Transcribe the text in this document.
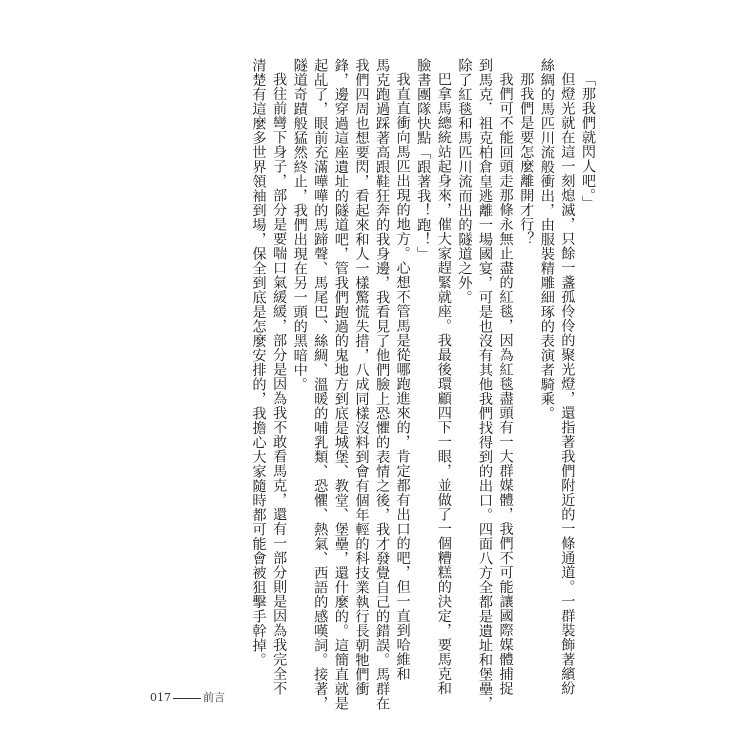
「那我們就閃人吧。」
但燈光就在這一刻熄滅，只餘一盞孤伶伶的聚光燈，還指著我們附近的一條通道。一群裝飾著繽紛
絲綢的馬匹川流般衝出，由服裝精雕細琢的表演者騎乘。
那我們是要怎麼離開才行？
我們可不能回頭走那條永無止盡的紅毯，因為紅毯盡頭有一大群媒體，我們不可能讓國際媒體捕捉
到馬克．祖克柏倉皇逃離一場國宴，可是也沒有其他我們找得到的出口。四面八方全都是遺址和堡壘，
除了紅毯和馬匹川流而出的隧道之外。
巴拿馬總統站起身來，催大家趕緊就座。我最後環顧四下一眼，並做了一個糟糕的決定，要馬克和
臉書團隊快點「跟著我！跑！」
我直直衝向馬匹出現的地方。心想不管馬是從哪跑進來的，肯定都有出口的吧，但一直到哈維和
馬克跑過踩著高跟鞋狂奔的我身邊，我看見了他們臉上恐懼的表情之後，我才發覺自己的錯誤。馬群在
我們四周也想要閃，看起來和人一樣驚慌失措，八成同樣沒料到會有個年輕的科技業執行長朝牠們衝
鋒，邊穿過這座遺址的隧道吧，管我們跑過的鬼地方到底是城堡、教堂、堡壘，還什麼的。這簡直就是
起乩了，眼前充滿嘩嘩的馬蹄聲、馬尾巴、絲綢、溫暖的哺乳類、恐懼、熱氣、西語的感嘆詞。接著，
隧道奇蹟般猛然終止，我們出現在另一頭的黑暗中。
我往前彎下身子，部分是要喘口氣緩緩，部分是因為我不敢看馬克，還有一部分則是因為我完全不
清楚有這麼多世界領袖到場，保全到底是怎麼安排的，我擔心大家隨時都可能會被狙擊手幹掉。
017	前言
